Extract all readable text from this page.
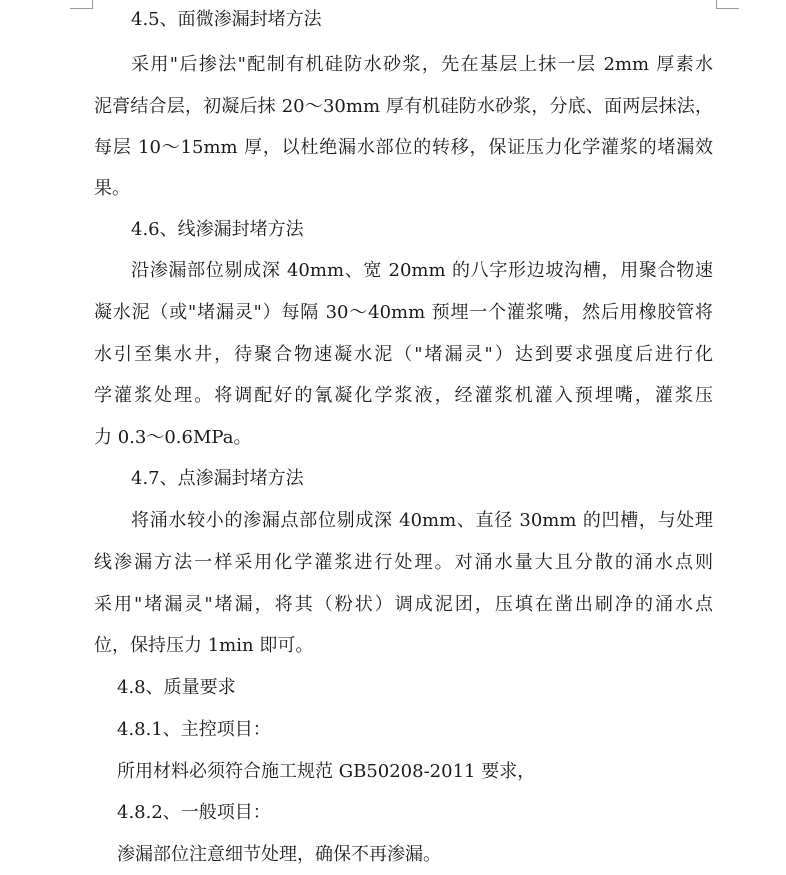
4.5、面微渗漏封堵方法
采用"后掺法"配制有机硅防水砂浆，先在基层上抹一层 2mm 厚素水
泥膏结合层，初凝后抹 20～30mm 厚有机硅防水砂浆，分底、面两层抹法，
每层 10～15mm 厚，以杜绝漏水部位的转移，保证压力化学灌浆的堵漏效
果。
4.6、线渗漏封堵方法
沿渗漏部位剔成深 40mm、宽 20mm 的八字形边坡沟槽，用聚合物速
凝水泥（或"堵漏灵"）每隔 30～40mm 预埋一个灌浆嘴，然后用橡胶管将
水引至集水井，待聚合物速凝水泥（"堵漏灵"）达到要求强度后进行化
学灌浆处理。将调配好的氰凝化学浆液，经灌浆机灌入预埋嘴，灌浆压
力 0.3～0.6MPa。
4.7、点渗漏封堵方法
将涌水较小的渗漏点部位剔成深 40mm、直径 30mm 的凹槽，与处理
线渗漏方法一样采用化学灌浆进行处理。对涌水量大且分散的涌水点则
采用"堵漏灵"堵漏，将其（粉状）调成泥团，压填在凿出刷净的涌水点
位，保持压力 1min 即可。
4.8、质量要求
4.8.1、主控项目：
所用材料必须符合施工规范 GB50208-2011 要求，
4.8.2、一般项目：
渗漏部位注意细节处理，确保不再渗漏。
